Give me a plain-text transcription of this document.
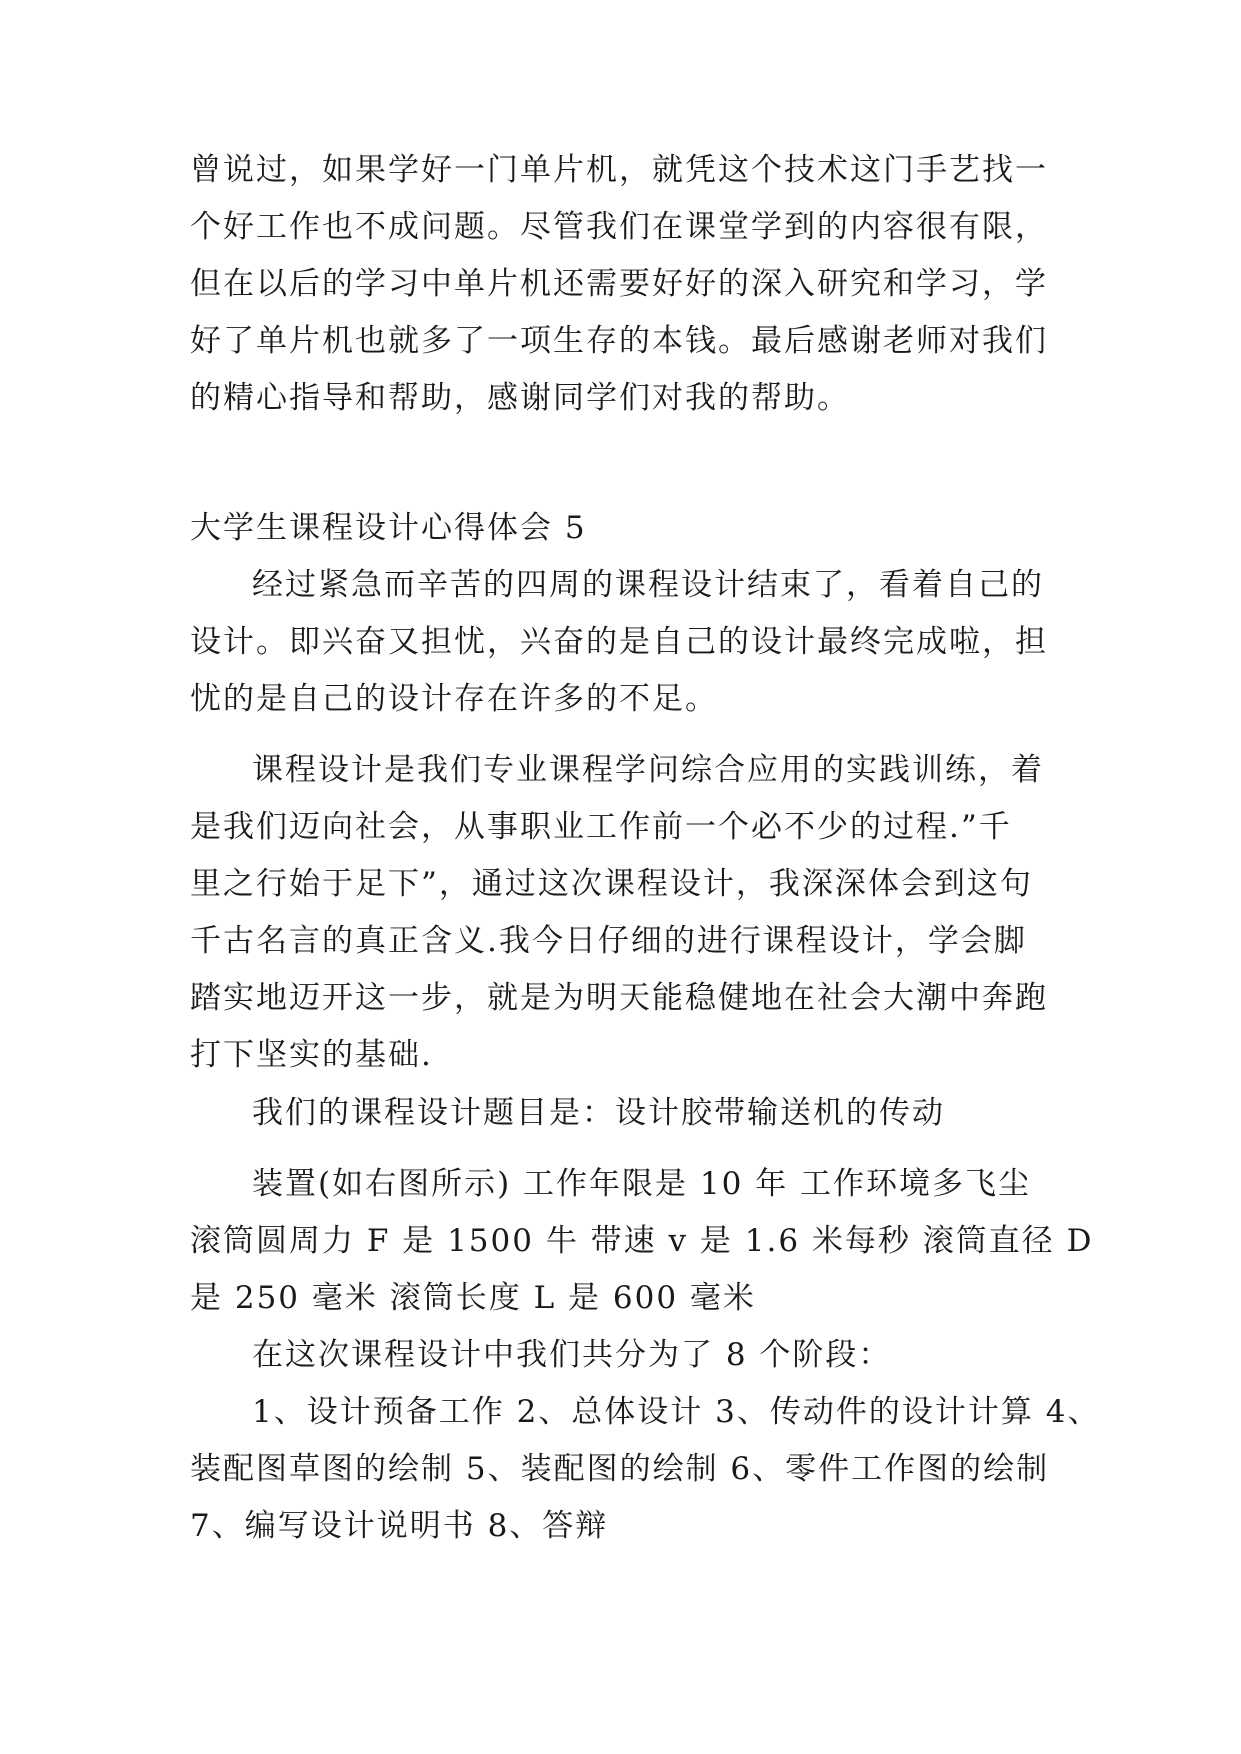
曾说过，如果学好一门单片机，就凭这个技术这门手艺找一
个好工作也不成问题。尽管我们在课堂学到的内容很有限，
但在以后的学习中单片机还需要好好的深入研究和学习，学
好了单片机也就多了一项生存的本钱。最后感谢老师对我们
的精心指导和帮助，感谢同学们对我的帮助。
大学生课程设计心得体会 5
经过紧急而辛苦的四周的课程设计结束了，看着自己的
设计。即兴奋又担忧，兴奋的是自己的设计最终完成啦，担
忧的是自己的设计存在许多的不足。
课程设计是我们专业课程学问综合应用的实践训练，着
是我们迈向社会，从事职业工作前一个必不少的过程.”千
里之行始于足下”，通过这次课程设计，我深深体会到这句
千古名言的真正含义.我今日仔细的进行课程设计，学会脚
踏实地迈开这一步，就是为明天能稳健地在社会大潮中奔跑
打下坚实的基础.
我们的课程设计题目是：设计胶带输送机的传动
装置(如右图所示) 工作年限是 10 年 工作环境多飞尘
滚筒圆周力 F 是 1500 牛 带速 v 是 1.6 米每秒 滚筒直径 D
是 250 毫米 滚筒长度 L 是 600 毫米
在这次课程设计中我们共分为了 8 个阶段：
1、设计预备工作 2、总体设计 3、传动件的设计计算 4、
装配图草图的绘制 5、装配图的绘制 6、零件工作图的绘制
7、编写设计说明书 8、答辩
